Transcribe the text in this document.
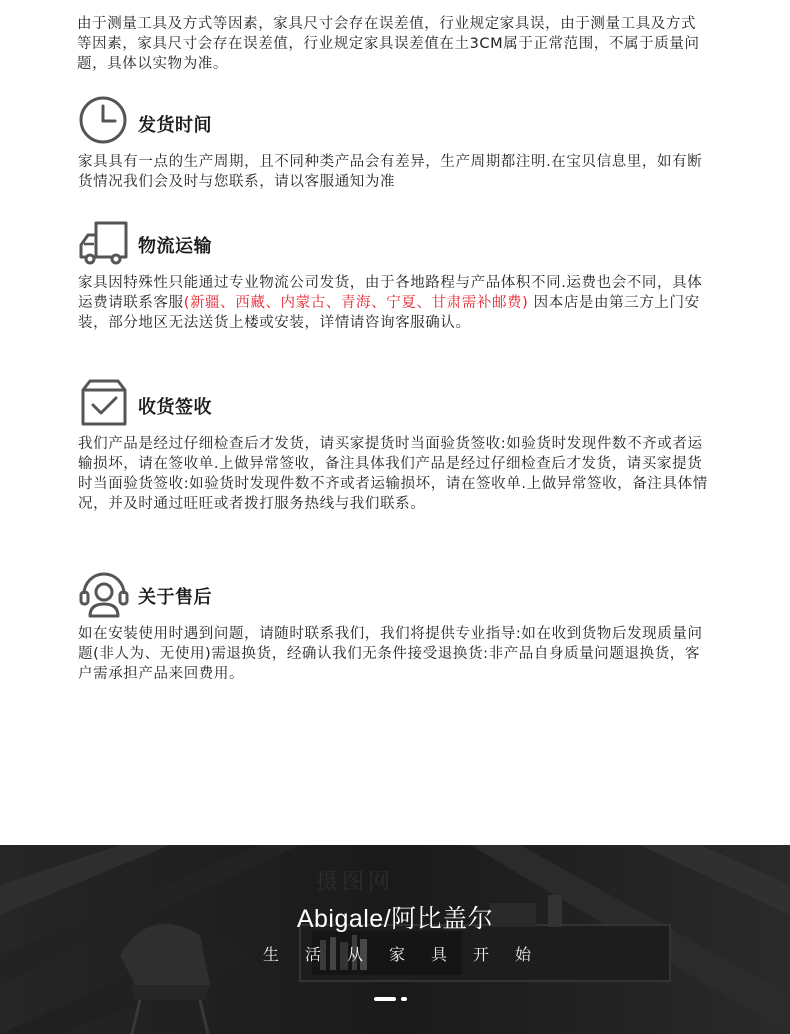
由于测量工具及方式等因素，家具尺寸会存在误差值，行业规定家具误，由于测量工具及方式等因素，家具尺寸会存在误差值，行业规定家具误差值在土3CM属于正常范围，不属于质量问题，具体以实物为准。

发货时间

家具具有一点的生产周期，且不同种类产品会有差异，生产周期都注明.在宝贝信息里，如有断货情况我们会及时与您联系，请以客服通知为准

物流运输

家具因特殊性只能通过专业物流公司发货，由于各地路程与产品体积不同.运费也会不同，具体运费请联系客服(新疆、西藏、内蒙古、青海、宁夏、甘肃需补邮费) 因本店是由第三方上门安装，部分地区无法送货上楼或安装，详情请咨询客服确认。

收货签收

我们产品是经过仔细检查后才发货，请买家提货时当面验货签收:如验货时发现件数不齐或者运输损坏，请在签收单.上做异常签收，备注具体我们产品是经过仔细检查后才发货，请买家提货时当面验货签收:如验货时发现件数不齐或者运输损坏，请在签收单.上做异常签收，备注具体情况，并及时通过旺旺或者拨打服务热线与我们联系。

关于售后

如在安装使用时遇到问题，请随时联系我们，我们将提供专业指导:如在收到货物后发现质量问题(非人为、无使用)需退换货，经确认我们无条件接受退换货:非产品自身质量问题退换货，客户需承担产品来回费用。

摄图网
Abigale/阿比盖尔
生活从家具开始
